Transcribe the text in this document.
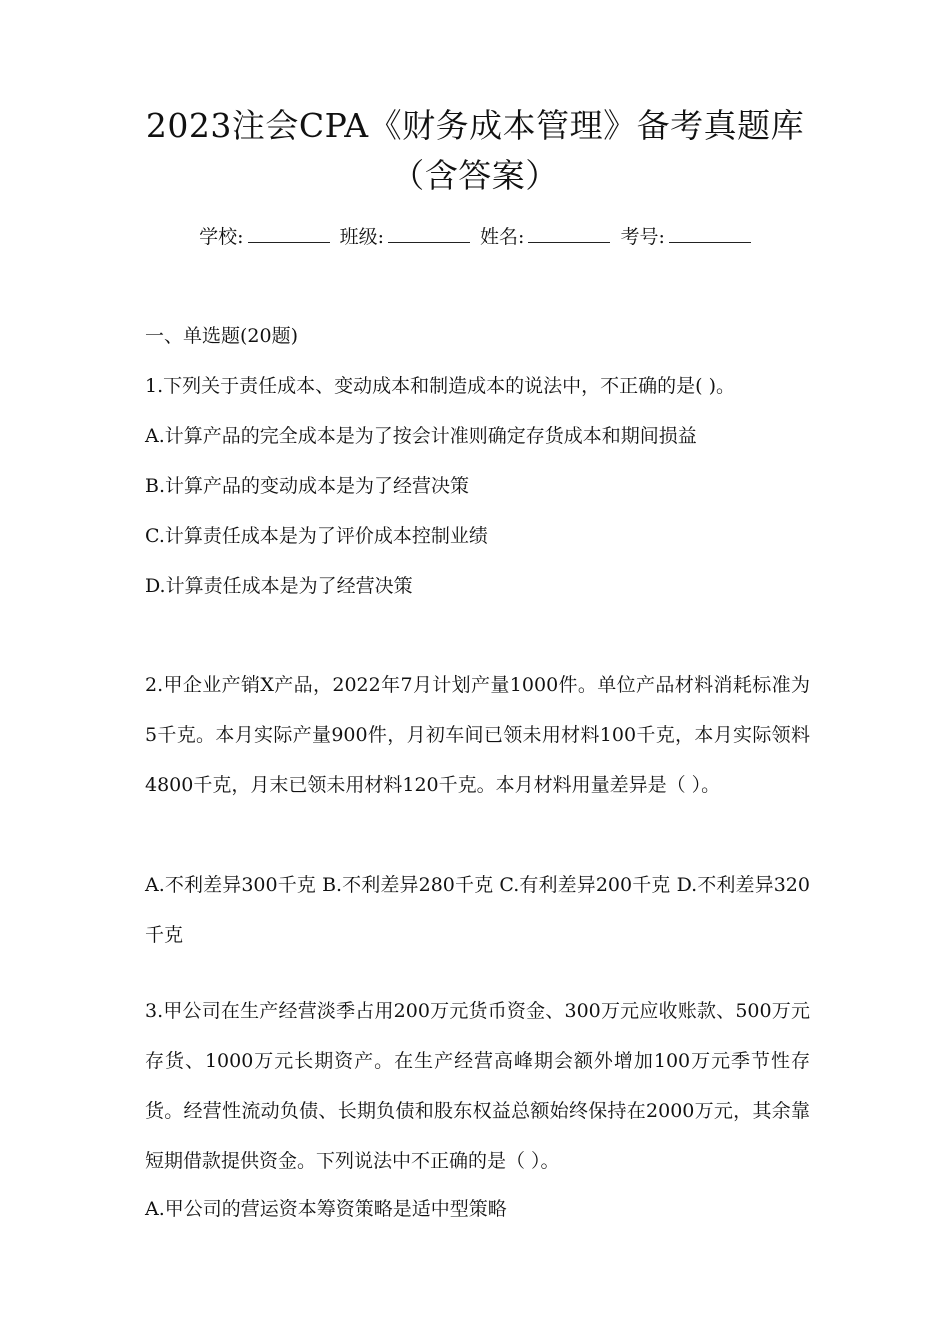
2023注会CPA《财务成本管理》备考真题库
（含答案）
学校:	班级:	姓名:	考号:
一、单选题(20题)
1.下列关于责任成本、变动成本和制造成本的说法中，不正确的是( )。
A.计算产品的完全成本是为了按会计准则确定存货成本和期间损益
B.计算产品的变动成本是为了经营决策
C.计算责任成本是为了评价成本控制业绩
D.计算责任成本是为了经营决策
2.甲企业产销X产品，2022年7月计划产量1000件。单位产品材料消耗标准为5千克。本月实际产量900件，月初车间已领未用材料100千克，本月实际领料4800千克，月末已领未用材料120千克。本月材料用量差异是（ ）。
A.不利差异300千克 B.不利差异280千克 C.有利差异200千克 D.不利差异320千克
3.甲公司在生产经营淡季占用200万元货币资金、300万元应收账款、500万元存货、1000万元长期资产。在生产经营高峰期会额外增加100万元季节性存货。经营性流动负债、长期负债和股东权益总额始终保持在2000万元，其余靠短期借款提供资金。下列说法中不正确的是（ ）。
A.甲公司的营运资本筹资策略是适中型策略
